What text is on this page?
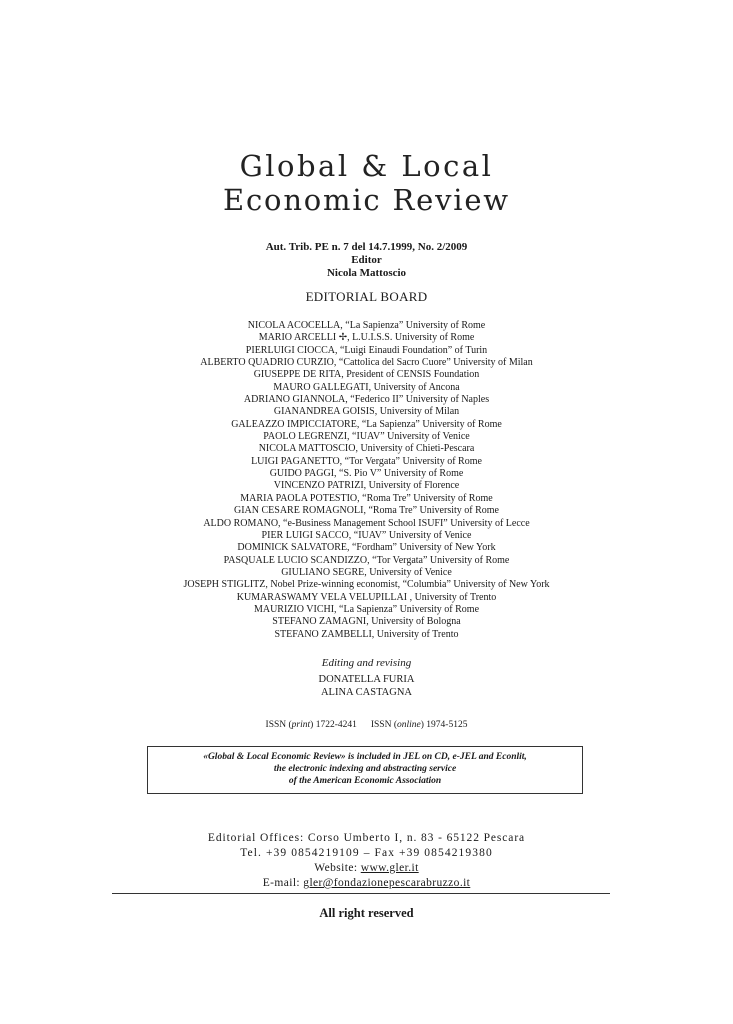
Global & Local
Economic Review
Aut. Trib. PE n. 7 del 14.7.1999, No. 2/2009
Editor
Nicola Mattoscio
EDITORIAL BOARD
NICOLA ACOCELLA, “La Sapienza” University of Rome
MARIO ARCELLI ✢, L.U.I.S.S. University of Rome
PIERLUIGI CIOCCA, “Luigi Einaudi Foundation” of Turin
ALBERTO QUADRIO CURZIO, “Cattolica del Sacro Cuore” University of Milan
GIUSEPPE DE RITA, President of CENSIS Foundation
MAURO GALLEGATI, University of Ancona
ADRIANO GIANNOLA, “Federico II” University of Naples
GIANANDREA GOISIS, University of Milan
GALEAZZO IMPICCIATORE, “La Sapienza” University of Rome
PAOLO LEGRENZI, “IUAV” University of Venice
NICOLA MATTOSCIO, University of Chieti-Pescara
LUIGI PAGANETTO, “Tor Vergata” University of Rome
GUIDO PAGGI, “S. Pio V” University of Rome
VINCENZO PATRIZI, University of Florence
MARIA PAOLA POTESTIO, “Roma Tre” University of Rome
GIAN CESARE ROMAGNOLI, “Roma Tre” University of Rome
ALDO ROMANO, “e-Business Management School ISUFI” University of Lecce
PIER LUIGI SACCO, “IUAV” University of Venice
DOMINICK SALVATORE, “Fordham” University of New York
PASQUALE LUCIO SCANDIZZO, “Tor Vergata” University of Rome
GIULIANO SEGRE, University of Venice
JOSEPH STIGLITZ, Nobel Prize-winning economist, “Columbia” University of New York
KUMARASWAMY VELA VELUPILLAI , University of Trento
MAURIZIO VICHI, “La Sapienza” University of Rome
STEFANO ZAMAGNI, University of Bologna
STEFANO ZAMBELLI, University of Trento
Editing and revising
DONATELLA FURIA
ALINA CASTAGNA
ISSN (print) 1722-4241 ISSN (online) 1974-5125
«Global & Local Economic Review» is included in JEL on CD, e-JEL and Econlit,
the electronic indexing and abstracting service
of the American Economic Association
Editorial Offices: Corso Umberto I, n. 83 - 65122 Pescara
Tel. +39 0854219109 – Fax +39 0854219380
Website: www.gler.it
E-mail: gler@fondazionepescarabruzzo.it
All right reserved
